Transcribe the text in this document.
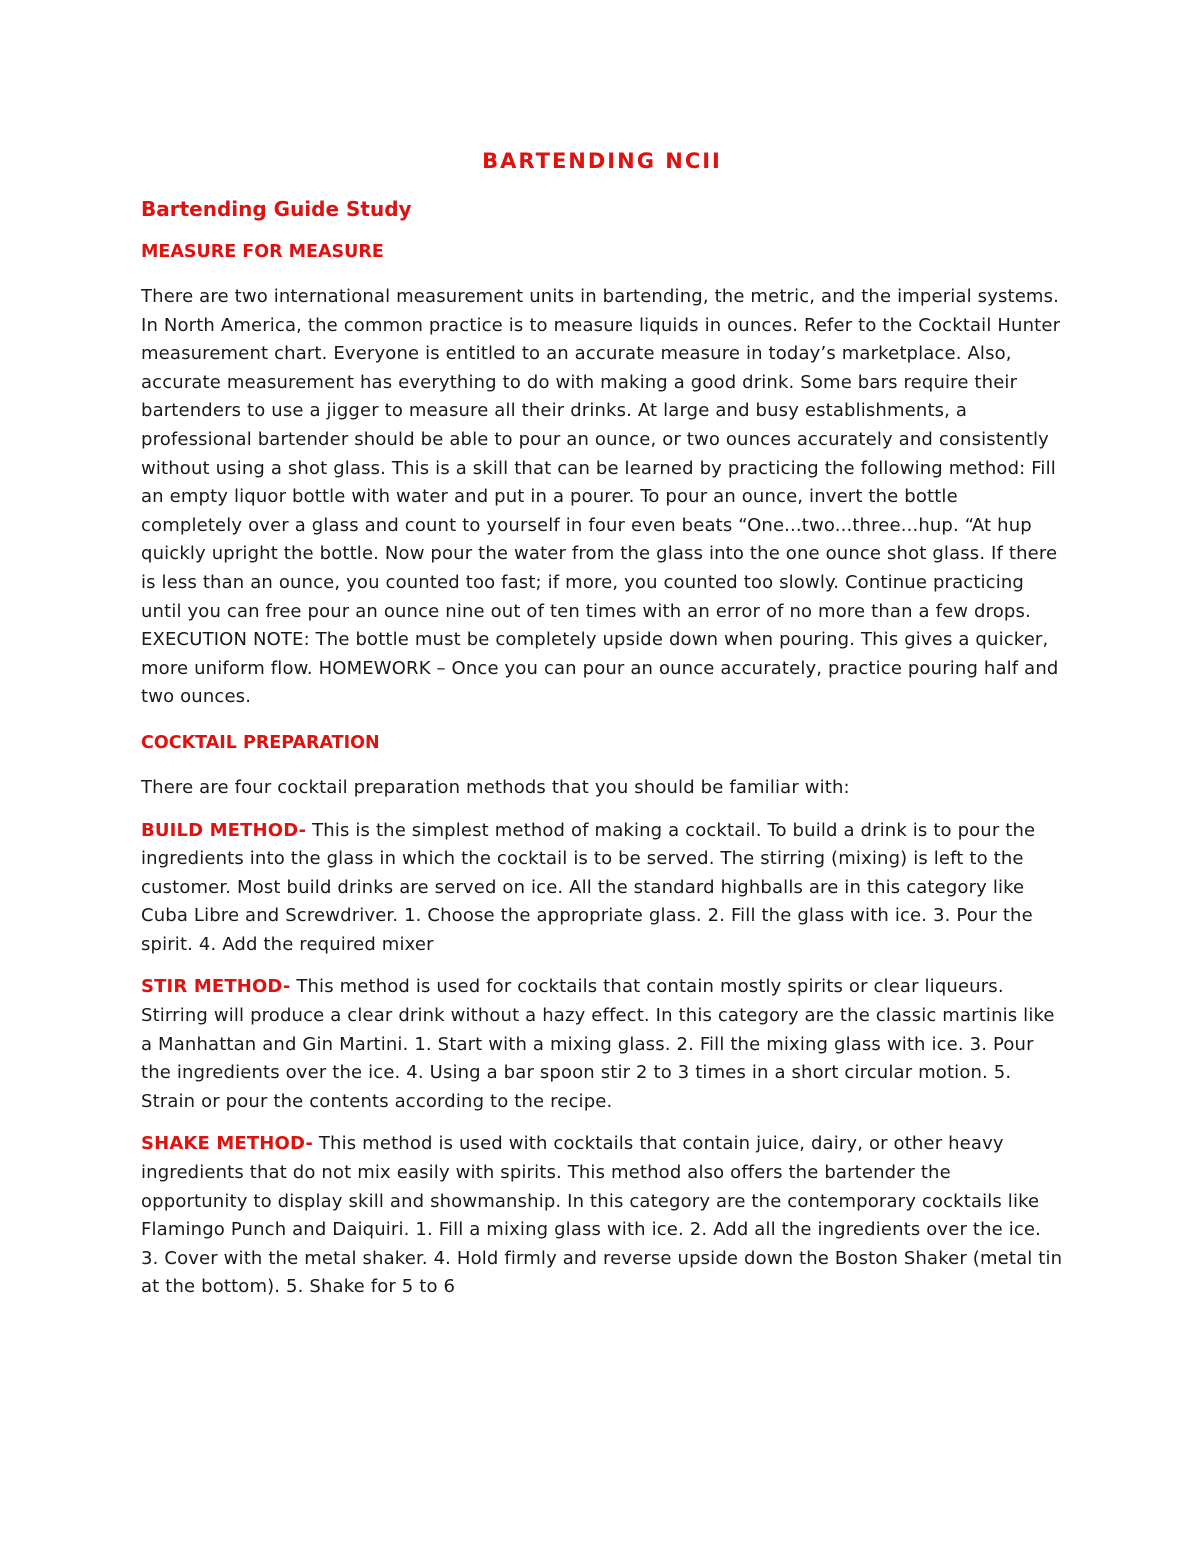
BARTENDING NCII
Bartending Guide Study
MEASURE FOR MEASURE

There are two international measurement units in bartending, the metric, and the imperial systems. In North America, the common practice is to measure liquids in ounces. Refer to the Cocktail Hunter measurement chart. Everyone is entitled to an accurate measure in today’s marketplace. Also, accurate measurement has everything to do with making a good drink. Some bars require their bartenders to use a jigger to measure all their drinks. At large and busy establishments, a professional bartender should be able to pour an ounce, or two ounces accurately and consistently without using a shot glass. This is a skill that can be learned by practicing the following method: Fill an empty liquor bottle with water and put in a pourer. To pour an ounce, invert the bottle completely over a glass and count to yourself in four even beats “One...two...three...hup. “At hup quickly upright the bottle. Now pour the water from the glass into the one ounce shot glass. If there is less than an ounce, you counted too fast; if more, you counted too slowly. Continue practicing until you can free pour an ounce nine out of ten times with an error of no more than a few drops. EXECUTION NOTE: The bottle must be completely upside down when pouring. This gives a quicker, more uniform flow. HOMEWORK – Once you can pour an ounce accurately, practice pouring half and two ounces.

COCKTAIL PREPARATION

There are four cocktail preparation methods that you should be familiar with:

BUILD METHOD- This is the simplest method of making a cocktail. To build a drink is to pour the ingredients into the glass in which the cocktail is to be served. The stirring (mixing) is left to the customer. Most build drinks are served on ice. All the standard highballs are in this category like Cuba Libre and Screwdriver. 1. Choose the appropriate glass. 2. Fill the glass with ice. 3. Pour the spirit. 4. Add the required mixer

STIR METHOD- This method is used for cocktails that contain mostly spirits or clear liqueurs. Stirring will produce a clear drink without a hazy effect. In this category are the classic martinis like a Manhattan and Gin Martini. 1. Start with a mixing glass. 2. Fill the mixing glass with ice. 3. Pour the ingredients over the ice. 4. Using a bar spoon stir 2 to 3 times in a short circular motion. 5. Strain or pour the contents according to the recipe.

SHAKE METHOD- This method is used with cocktails that contain juice, dairy, or other heavy ingredients that do not mix easily with spirits. This method also offers the bartender the opportunity to display skill and showmanship. In this category are the contemporary cocktails like Flamingo Punch and Daiquiri. 1. Fill a mixing glass with ice. 2. Add all the ingredients over the ice. 3. Cover with the metal shaker. 4. Hold firmly and reverse upside down the Boston Shaker (metal tin at the bottom). 5. Shake for 5 to 6
